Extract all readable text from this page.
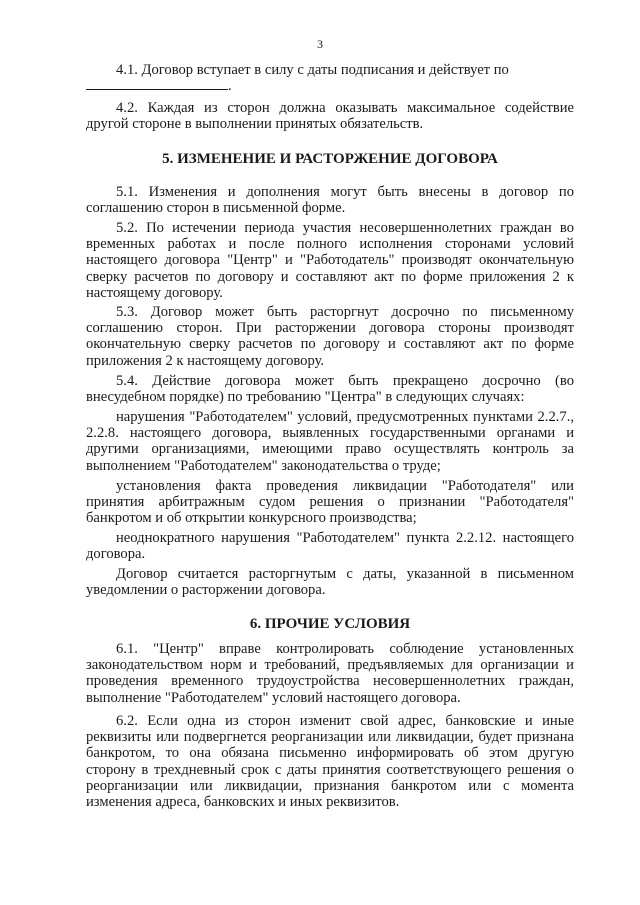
3

4.1. Договор вступает в силу с даты подписания и действует по
.

4.2. Каждая из сторон должна оказывать максимальное содействие другой стороне в выполнении принятых обязательств.

5. ИЗМЕНЕНИЕ И РАСТОРЖЕНИЕ ДОГОВОРА

5.1. Изменения и дополнения могут быть внесены в договор по соглашению сторон в письменной форме.

5.2. По истечении периода участия несовершеннолетних граждан во временных работах и после полного исполнения сторонами условий настоящего договора "Центр" и "Работодатель" производят окончательную сверку расчетов по договору и составляют акт по форме приложения 2 к настоящему договору.

5.3. Договор может быть расторгнут досрочно по письменному соглашению сторон. При расторжении договора стороны производят окончательную сверку расчетов по договору и составляют акт по форме приложения 2 к настоящему договору.

5.4. Действие договора может быть прекращено досрочно (во внесудебном порядке) по требованию "Центра" в следующих случаях:

нарушения "Работодателем" условий, предусмотренных пунктами 2.2.7., 2.2.8. настоящего договора, выявленных государственными органами и другими организациями, имеющими право осуществлять контроль за выполнением "Работодателем" законодательства о труде;

установления факта проведения ликвидации "Работодателя" или принятия арбитражным судом решения о признании "Работодателя" банкротом и об открытии конкурсного производства;

неоднократного нарушения "Работодателем" пункта 2.2.12. настоящего договора.

Договор считается расторгнутым с даты, указанной в письменном уведомлении о расторжении договора.

6. ПРОЧИЕ УСЛОВИЯ

6.1. "Центр" вправе контролировать соблюдение установленных законодательством норм и требований, предъявляемых для организации и проведения временного трудоустройства несовершеннолетних граждан, выполнение "Работодателем" условий настоящего договора.

6.2. Если одна из сторон изменит свой адрес, банковские и иные реквизиты или подвергнется реорганизации или ликвидации, будет признана банкротом, то она обязана письменно информировать об этом другую сторону в трехдневный срок с даты принятия соответствующего решения о реорганизации или ликвидации, признания банкротом или с момента изменения адреса, банковских и иных реквизитов.
